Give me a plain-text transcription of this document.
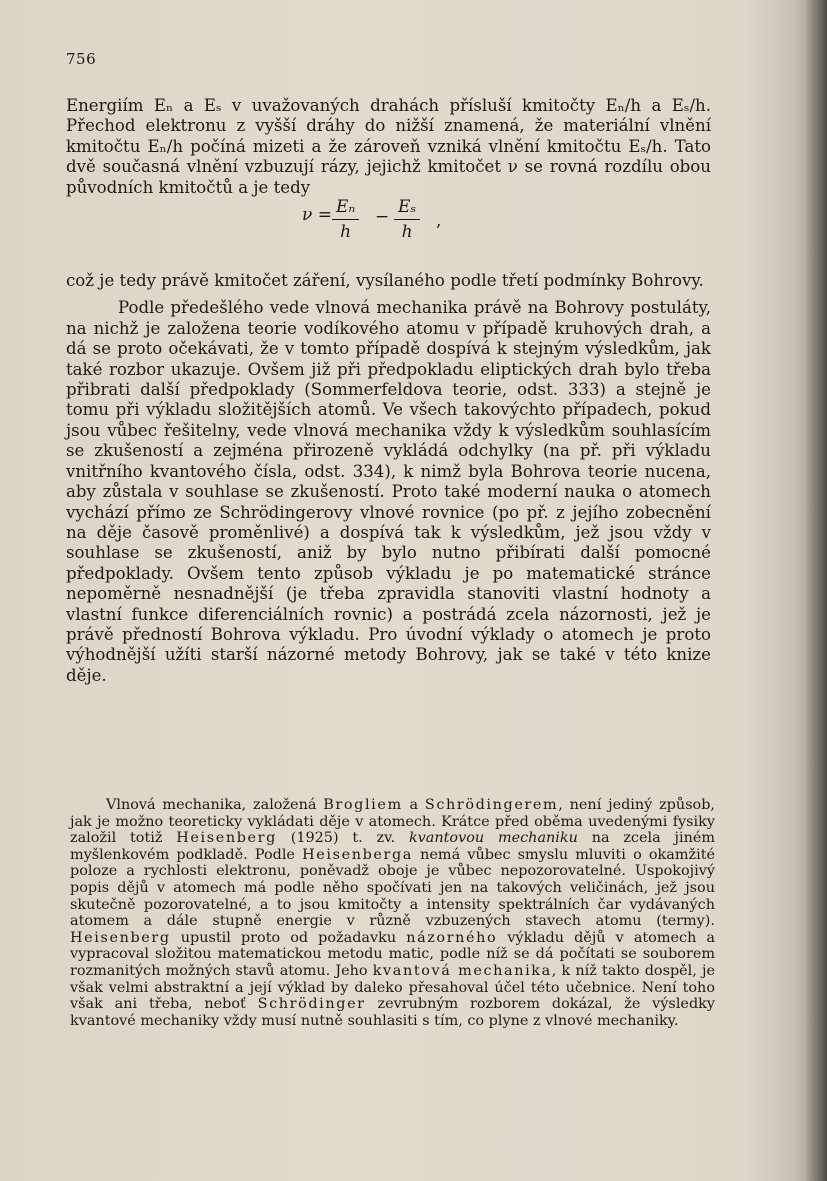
756

Energiím Eₙ a Eₛ v uvažovaných drahách přísluší kmitočty Eₙ/h a Eₛ/h. Přechod elektronu z vyšší dráhy do nižší znamená, že materiální vlnění kmitočtu Eₙ/h počíná mizeti a že zároveň vzniká vlnění kmitočtu Eₛ/h. Tato dvě současná vlnění vzbuzují rázy, jejichž kmitočet ν se rovná rozdílu obou původních kmitočtů a je tedy

$\nu = \frac{\text{Eₙ}}{h} - \frac{\text{Eₛ}}{h}$ ,

což je tedy právě kmitočet záření, vysílaného podle třetí podmínky Bohrovy.

Podle předešlého vede vlnová mechanika právě na Bohrovy postuláty, na nichž je založena teorie vodíkového atomu v případě kruhových drah, a dá se proto očekávati, že v tomto případě dospívá k stejným výsledkům, jak také rozbor ukazuje. Ovšem již při předpokladu eliptických drah bylo třeba přibrati další předpoklady (Sommerfeldova teorie, odst. 333) a stejně je tomu při výkladu složitějších atomů. Ve všech takovýchto případech, pokud jsou vůbec řešitelny, vede vlnová mechanika vždy k výsledkům souhlasícím se zkušeností a zejména přirozeně vykládá odchylky (na př. při výkladu vnitřního kvantového čísla, odst. 334), k nimž byla Bohrova teorie nucena, aby zůstala v souhlase se zkušeností. Proto také moderní nauka o atomech vychází přímo ze Schrödingerovy vlnové rovnice (po př. z jejího zobecnění na děje časově proměnlivé) a dospívá tak k výsledkům, jež jsou vždy v souhlase se zkušeností, aniž by bylo nutno přibírati další pomocné předpoklady. Ovšem tento způsob výkladu je po matematické stránce nepoměrně nesnadnější (je třeba zpravidla stanoviti vlastní hodnoty a vlastní funkce diferenciálních rovnic) a postrádá zcela názornosti, jež je právě předností Bohrova výkladu. Pro úvodní výklady o atomech je proto výhodnější užíti starší názorné metody Bohrovy, jak se také v této knize děje.

Vlnová mechanika, založená Brogliem a Schrödingerem, není jediný způsob, jak je možno teoreticky vykládati děje v atomech. Krátce před oběma uvedenými fysiky založil totiž Heisenberg (1925) t. zv. kvantovou mechaniku na zcela jiném myšlenkovém podkladě. Podle Heisenberga nemá vůbec smyslu mluviti o okamžité poloze a rychlosti elektronu, poněvadž oboje je vůbec nepozorovatelné. Uspokojivý popis dějů v atomech má podle něho spočívati jen na takových veličinách, jež jsou skutečně pozorovatelné, a to jsou kmitočty a intensity spektrálních čar vydávaných atomem a dále stupně energie v různě vzbuzených stavech atomu (termy). Heisenberg upustil proto od požadavku názorného výkladu dějů v atomech a vypracoval složitou matematickou metodu matic, podle níž se dá počítati se souborem rozmanitých možných stavů atomu. Jeho kvantová mechanika, k níž takto dospěl, je však velmi abstraktní a její výklad by daleko přesahoval účel této učebnice. Není toho však ani třeba, neboť Schrödinger zevrubným rozborem dokázal, že výsledky kvantové mechaniky vždy musí nutně souhlasiti s tím, co plyne z vlnové mechaniky.
